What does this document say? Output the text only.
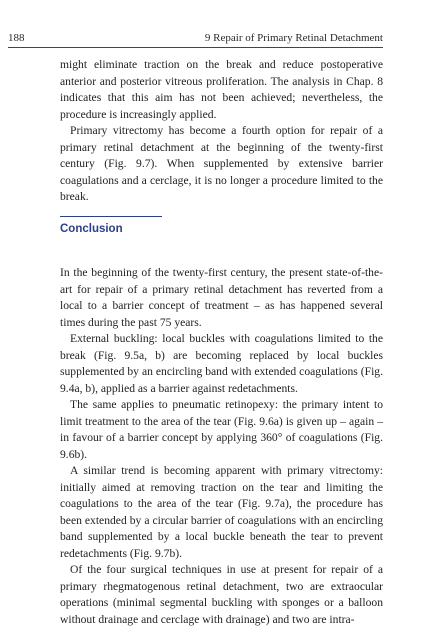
188	9 Repair of Primary Retinal Detachment

might eliminate traction on the break and reduce postoperative anterior and posterior vitreous proliferation. The analysis in Chap. 8 indicates that this aim has not been achieved; nevertheless, the procedure is increasingly applied.

Primary vitrectomy has become a fourth option for repair of a primary retinal detachment at the beginning of the twenty-first century (Fig. 9.7). When supplemented by extensive barrier coagulations and a cerclage, it is no longer a procedure limited to the break.

Conclusion

In the beginning of the twenty-first century, the present state-of-the-art for repair of a primary retinal detachment has reverted from a local to a barrier concept of treatment – as has happened several times during the past 75 years.

External buckling: local buckles with coagulations limited to the break (Fig. 9.5a, b) are becoming replaced by local buckles supplemented by an encircling band with extended coagulations (Fig. 9.4a, b), applied as a barrier against redetachments.

The same applies to pneumatic retinopexy: the primary intent to limit treatment to the area of the tear (Fig. 9.6a) is given up – again – in favour of a barrier concept by applying 360° of coagulations (Fig. 9.6b).

A similar trend is becoming apparent with primary vitrectomy: initially aimed at removing traction on the tear and limiting the coagulations to the area of the tear (Fig. 9.7a), the procedure has been extended by a circular barrier of coagulations with an encircling band supplemented by a local buckle beneath the tear to prevent redetachments (Fig. 9.7b).

Of the four surgical techniques in use at present for repair of a primary rhegmatogenous retinal detachment, two are extraocular operations (minimal segmental buckling with sponges or a balloon without drainage and cerclage with drainage) and two are intra-
